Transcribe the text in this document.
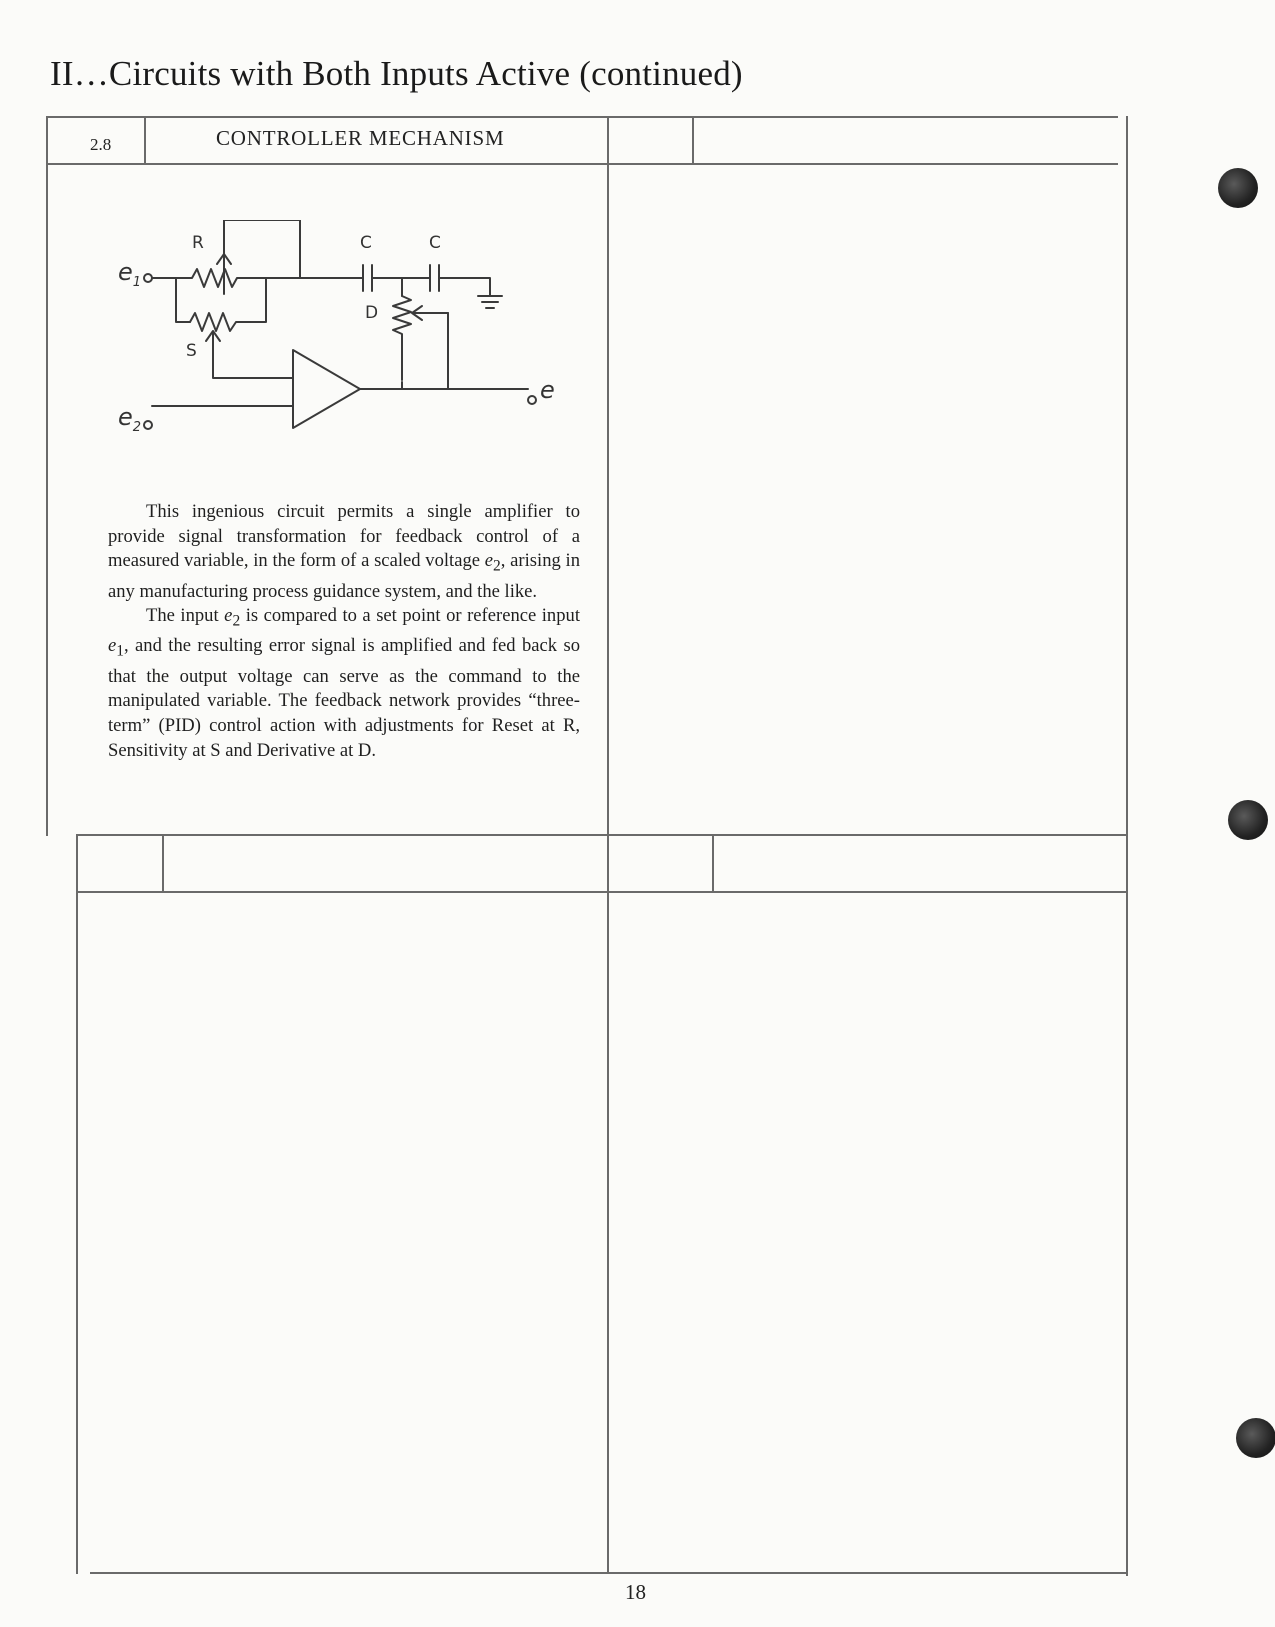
II…Circuits with Both Inputs Active (continued)
2.8	CONTROLLER MECHANISM
R
S
D
C	C
$e_1$
$e_2$
e

This ingenious circuit permits a single amplifier to provide signal transformation for feedback control of a measured variable, in the form of a scaled voltage $e_2$, arising in any manufacturing process guidance system, and the like.

The input $e_2$ is compared to a set point or reference input $e_1$, and the resulting error signal is amplified and fed back so that the output voltage can serve as the command to the manipulated variable. The feedback network provides “three-term” (PID) control action with adjustments for Reset at R, Sensitivity at S and Derivative at D.

18
